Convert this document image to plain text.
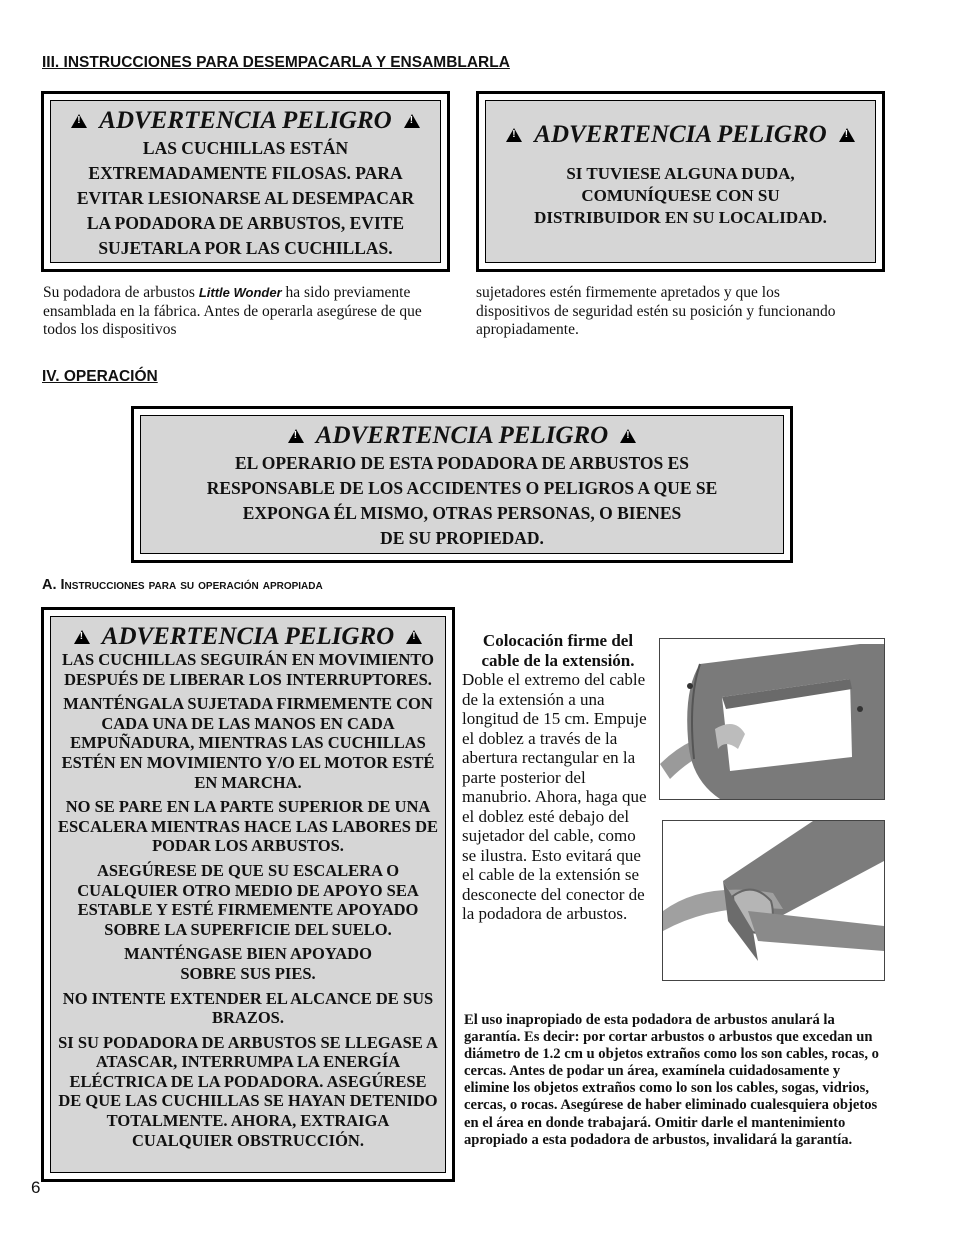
III. INSTRUCCIONES PARA DESEMPACARLA Y ENSAMBLARLA
!
ADVERTENCIA PELIGRO
!
LAS CUCHILLAS ESTÁN
EXTREMADAMENTE FILOSAS. PARA
EVITAR LESIONARSE AL DESEMPACAR
LA PODADORA DE ARBUSTOS, EVITE
SUJETARLA POR LAS CUCHILLAS.
!
ADVERTENCIA PELIGRO
!
SI TUVIESE ALGUNA DUDA,
COMUNÍQUESE CON SU
DISTRIBUIDOR EN SU LOCALIDAD.
Su podadora de arbustos Little Wonder ha sido previamente ensamblada en la fábrica. Antes de operarla asegúrese de que todos los dispositivos
sujetadores estén firmemente apretados y que los dispositivos de seguridad estén su posición y funcionando apropiadamente.
IV. OPERACIÓN
!
ADVERTENCIA PELIGRO
!
EL OPERARIO DE ESTA PODADORA DE ARBUSTOS ES
RESPONSABLE DE LOS ACCIDENTES O PELIGROS A QUE SE
EXPONGA ÉL MISMO, OTRAS PERSONAS, O BIENES
DE SU PROPIEDAD.
A. Instrucciones para su operación apropiada
!
ADVERTENCIA PELIGRO
!
LAS CUCHILLAS SEGUIRÁN EN MOVIMIENTO DESPUÉS DE LIBERAR LOS INTERRUPTORES.
MANTÉNGALA SUJETADA FIRMEMENTE CON CADA UNA DE LAS MANOS EN CADA EMPUÑADURA, MIENTRAS LAS CUCHILLAS ESTÉN EN MOVIMIENTO Y/O EL MOTOR ESTÉ EN MARCHA.
NO SE PARE EN LA PARTE SUPERIOR DE UNA ESCALERA MIENTRAS HACE LAS LABORES DE PODAR LOS ARBUSTOS.
ASEGÚRESE DE QUE SU ESCALERA O CUALQUIER OTRO MEDIO DE APOYO SEA ESTABLE Y ESTÉ FIRMEMENTE APOYADO SOBRE LA SUPERFICIE DEL SUELO.
MANTÉNGASE BIEN APOYADO SOBRE SUS PIES.
NO INTENTE EXTENDER EL ALCANCE DE SUS BRAZOS.
SI SU PODADORA DE ARBUSTOS SE LLEGASE A ATASCAR, INTERRUMPA LA ENERGÍA ELÉCTRICA DE LA PODADORA. ASEGÚRESE DE QUE LAS CUCHILLAS SE HAYAN DETENIDO TOTALMENTE. AHORA, EXTRAIGA CUALQUIER OBSTRUCCIÓN.
Colocación firme del cable de la extensión.
Doble el extremo del cable de la extensión a una longitud de 15 cm. Empuje el doblez a través de la abertura rectangular en la parte posterior del manubrio. Ahora, haga que el doblez esté debajo del sujetador del cable, como se ilustra. Esto evitará que el cable de la extensión se desconecte del conector de la podadora de arbustos.
El uso inapropiado de esta podadora de arbustos anulará la garantía. Es decir: por cortar arbustos o arbustos que excedan un diámetro de 1.2 cm u objetos extraños como los son cables, rocas, o cercas. Antes de podar un área, examínela cuidadosamente y elimine los objetos extraños como lo son los cables, sogas, vidrios, cercas, o rocas. Asegúrese de haber eliminado cualesquiera objetos en el área en donde trabajará. Omitir darle el mantenimiento apropiado a esta podadora de arbustos, invalidará la garantía.
6
